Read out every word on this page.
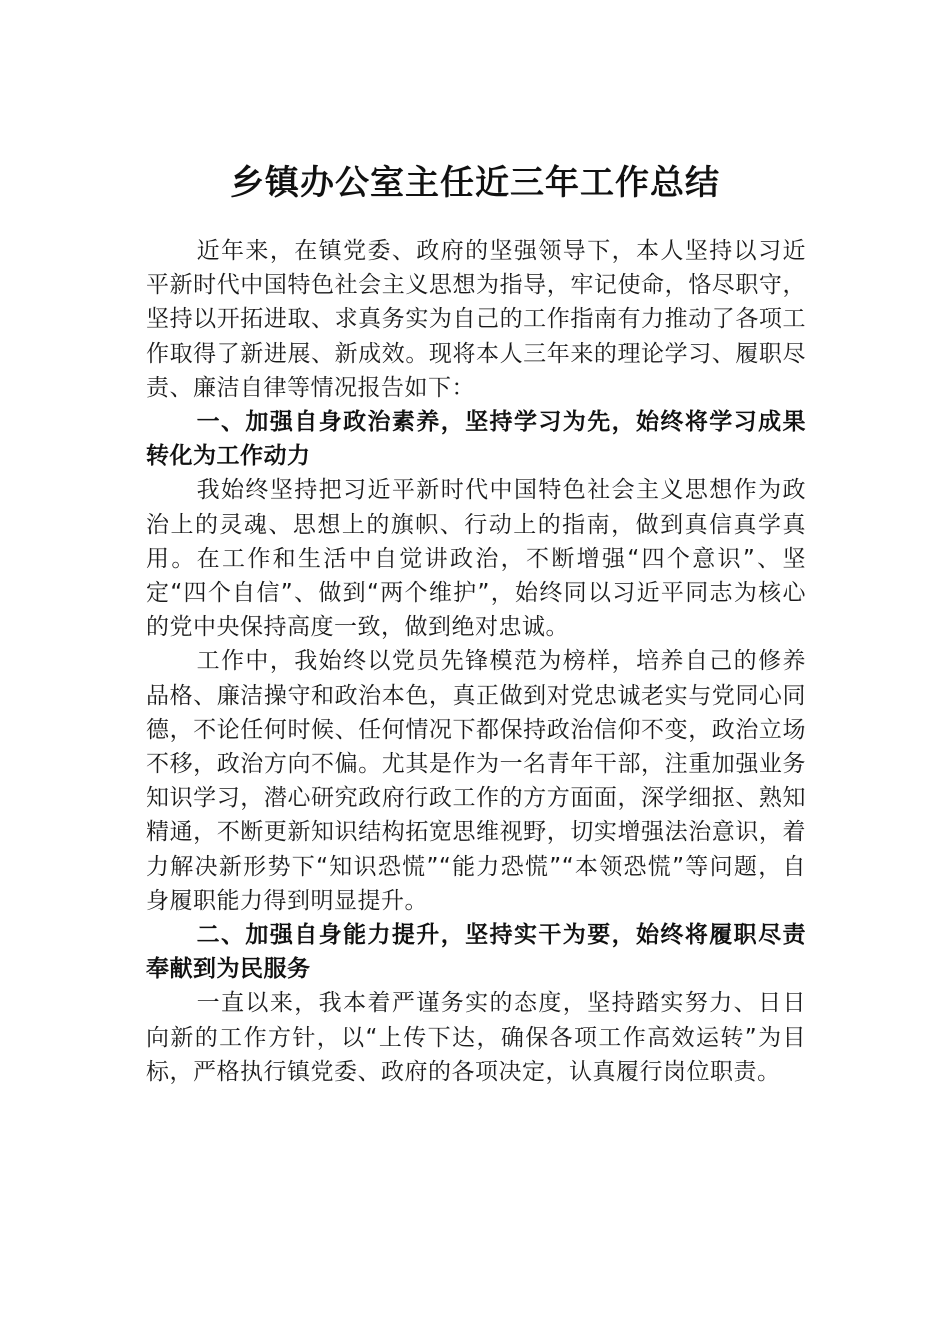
乡镇办公室主任近三年工作总结

近年来，在镇党委、政府的坚强领导下，本人坚持以习近平新时代中国特色社会主义思想为指导，牢记使命，恪尽职守，坚持以开拓进取、求真务实为自己的工作指南有力推动了各项工作取得了新进展、新成效。现将本人三年来的理论学习、履职尽责、廉洁自律等情况报告如下：

一、加强自身政治素养，坚持学习为先，始终将学习成果转化为工作动力

我始终坚持把习近平新时代中国特色社会主义思想作为政治上的灵魂、思想上的旗帜、行动上的指南，做到真信真学真用。在工作和生活中自觉讲政治，不断增强“四个意识”、坚定“四个自信”、做到“两个维护”，始终同以习近平同志为核心的党中央保持高度一致，做到绝对忠诚。

工作中，我始终以党员先锋模范为榜样，培养自己的修养品格、廉洁操守和政治本色，真正做到对党忠诚老实与党同心同德，不论任何时候、任何情况下都保持政治信仰不变，政治立场不移，政治方向不偏。尤其是作为一名青年干部，注重加强业务知识学习，潜心研究政府行政工作的方方面面，深学细抠、熟知精通，不断更新知识结构拓宽思维视野，切实增强法治意识，着力解决新形势下“知识恐慌”“能力恐慌”“本领恐慌”等问题，自身履职能力得到明显提升。

二、加强自身能力提升，坚持实干为要，始终将履职尽责奉献到为民服务

一直以来，我本着严谨务实的态度，坚持踏实努力、日日向新的工作方针，以“上传下达，确保各项工作高效运转”为目标，严格执行镇党委、政府的各项决定，认真履行岗位职责。
